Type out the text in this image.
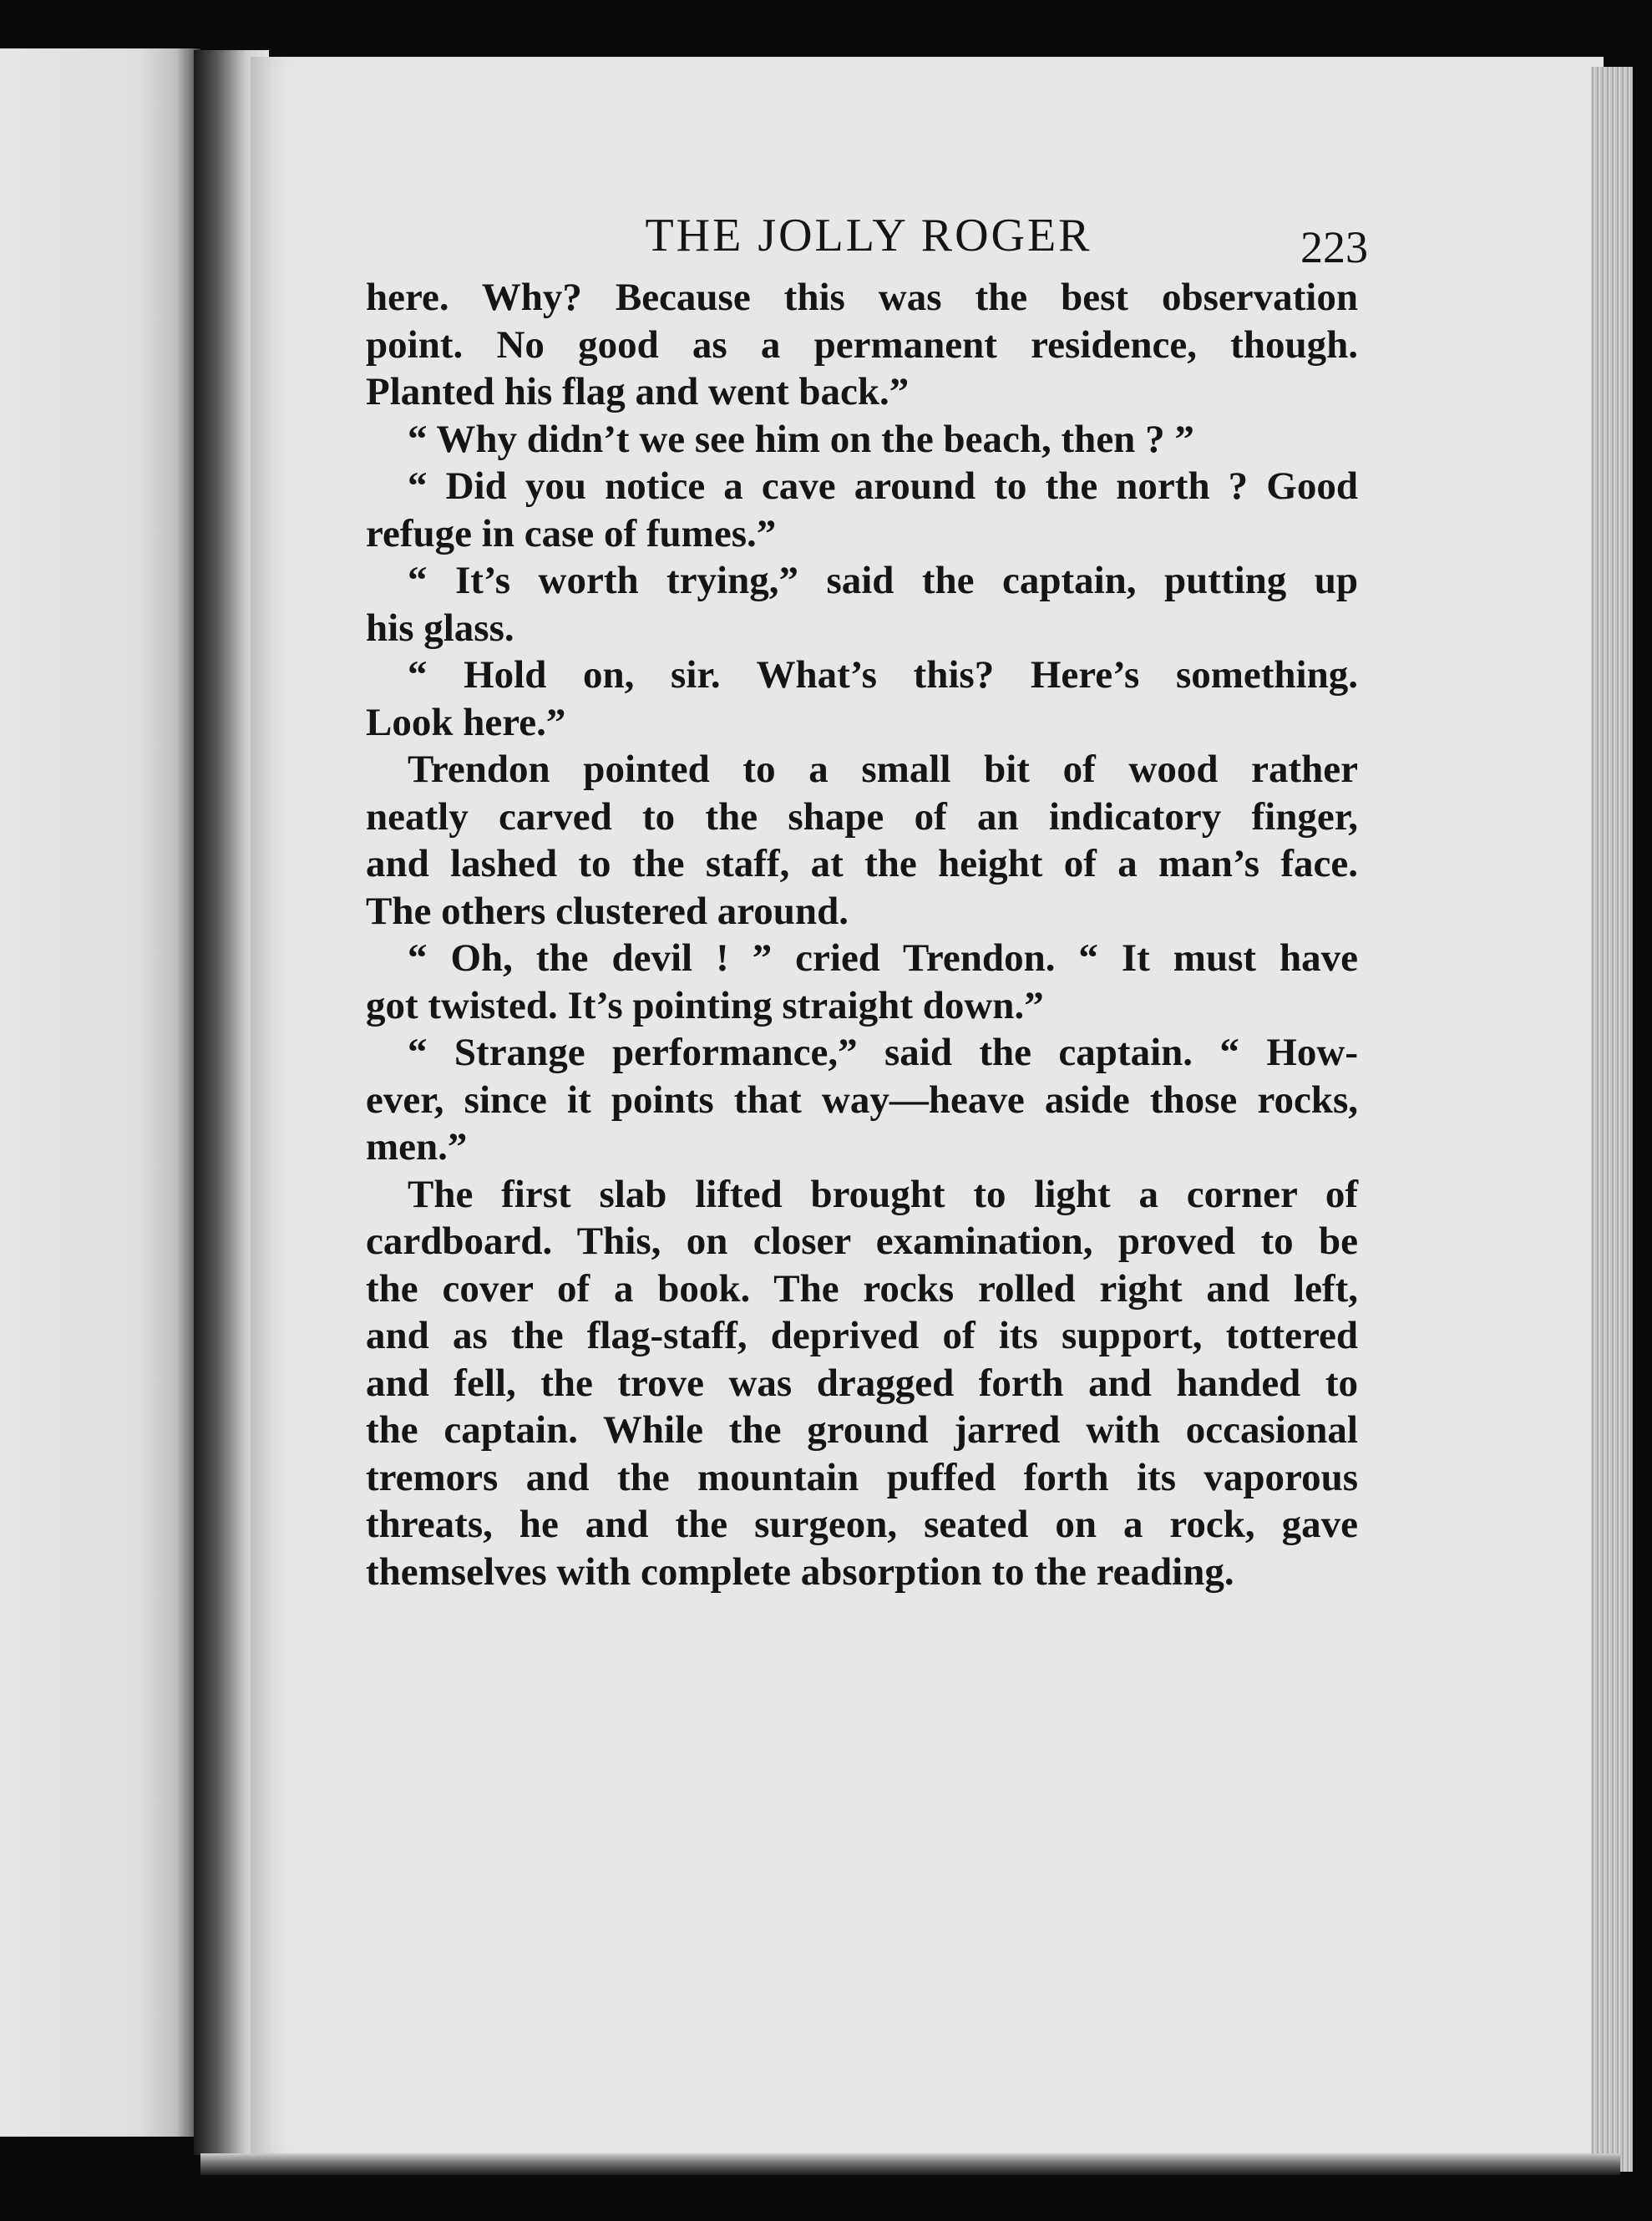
THE JOLLY ROGER	223
here. Why? Because this was the best observation
point. No good as a permanent residence, though.
Planted his flag and went back.”
“ Why didn’t we see him on the beach, then ? ”
“ Did you notice a cave around to the north ? Good
refuge in case of fumes.”
“ It’s worth trying,” said the captain, putting up
his glass.
“ Hold on, sir. What’s this? Here’s something.
Look here.”
Trendon pointed to a small bit of wood rather
neatly carved to the shape of an indicatory finger,
and lashed to the staff, at the height of a man’s face.
The others clustered around.
“ Oh, the devil ! ” cried Trendon. “ It must have
got twisted. It’s pointing straight down.”
“ Strange performance,” said the captain. “ How-
ever, since it points that way—heave aside those rocks,
men.”
The first slab lifted brought to light a corner of
cardboard. This, on closer examination, proved to be
the cover of a book. The rocks rolled right and left,
and as the flag-staff, deprived of its support, tottered
and fell, the trove was dragged forth and handed to
the captain. While the ground jarred with occasional
tremors and the mountain puffed forth its vaporous
threats, he and the surgeon, seated on a rock, gave
themselves with complete absorption to the reading.
